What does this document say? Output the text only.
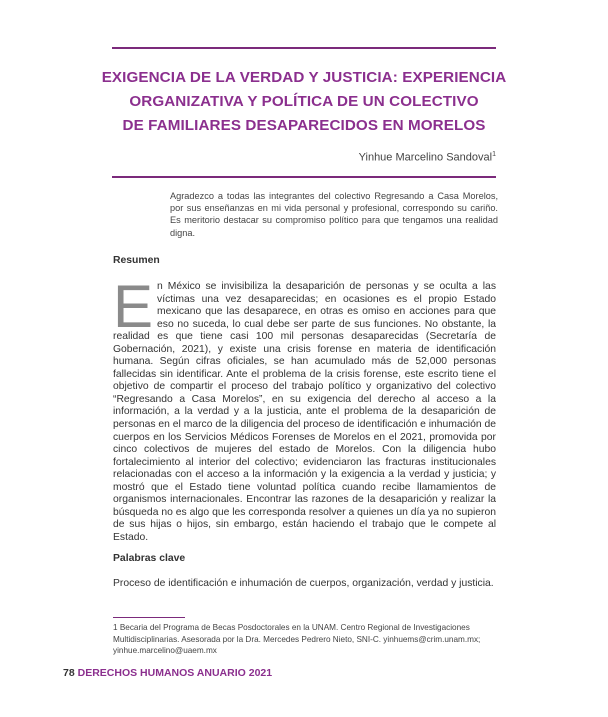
EXIGENCIA DE LA VERDAD Y JUSTICIA: EXPERIENCIA
ORGANIZATIVA Y POLÍTICA DE UN COLECTIVO
DE FAMILIARES DESAPARECIDOS EN MORELOS
Yinhue Marcelino Sandoval$^1$
Agradezco a todas las integrantes del colectivo Regresando a Casa Morelos, por sus enseñanzas en mi vida personal y profesional, correspondo su cariño. Es meritorio destacar su compromiso político para que tengamos una realidad digna.
Resumen
En México se invisibiliza la desaparición de personas y se oculta a las víctimas una vez desaparecidas; en ocasiones es el propio Estado mexicano que las desaparece, en otras es omiso en acciones para que eso no suceda, lo cual debe ser parte de sus funciones. No obstante, la realidad es que tiene casi 100 mil personas desaparecidas (Secretaría de Gobernación, 2021), y existe una crisis forense en materia de identificación humana. Según cifras oficiales, se han acumulado más de 52,000 personas fallecidas sin identificar. Ante el problema de la crisis forense, este escrito tiene el objetivo de compartir el proceso del trabajo político y organizativo del colectivo “Regresando a Casa Morelos”, en su exigencia del derecho al acceso a la información, a la verdad y a la justicia, ante el problema de la desaparición de personas en el marco de la diligencia del proceso de identificación e inhumación de cuerpos en los Servicios Médicos Forenses de Morelos en el 2021, promovida por cinco colectivos de mujeres del estado de Morelos. Con la diligencia hubo fortalecimiento al interior del colectivo; evidenciaron las fracturas institucionales relacionadas con el acceso a la información y la exigencia a la verdad y justicia; y mostró que el Estado tiene voluntad política cuando recibe llamamientos de organismos internacionales. Encontrar las razones de la desaparición y realizar la búsqueda no es algo que les corresponda resolver a quienes un día ya no supieron de sus hijas o hijos, sin embargo, están haciendo el trabajo que le compete al Estado.
Palabras clave
Proceso de identificación e inhumación de cuerpos, organización, verdad y justicia.
1 Becaria del Programa de Becas Posdoctorales en la UNAM. Centro Regional de Investigaciones Multidisciplinarias. Asesorada por la Dra. Mercedes Pedrero Nieto, SNI-C. yinhuems@crim.unam.mx; yinhue.marcelino@uaem.mx
78 DERECHOS HUMANOS ANUARIO 2021
